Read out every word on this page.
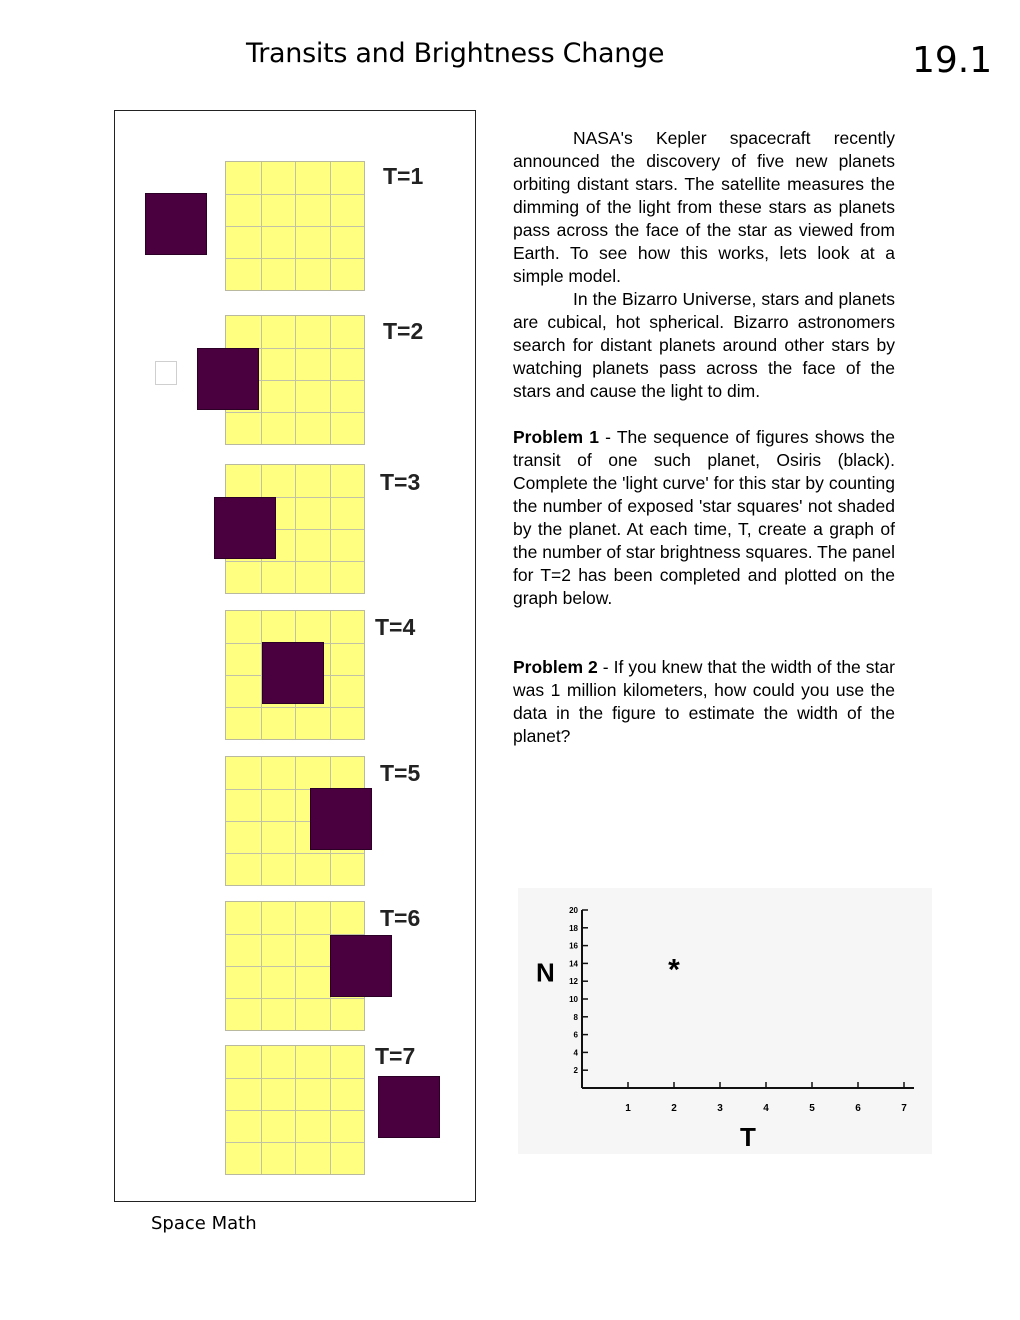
Transits and Brightness Change	19.1
T=1
T=2
T=3
T=4
T=5
T=6
T=7

NASA's Kepler spacecraft recently announced the discovery of five new planets orbiting distant stars. The satellite measures the dimming of the light from these stars as planets pass across the face of the star as viewed from Earth. To see how this works, lets look at a simple model.

In the Bizarro Universe, stars and planets are cubical, hot spherical. Bizarro astronomers search for distant planets around other stars by watching planets pass across the face of the stars and cause the light to dim.

Problem 1 - The sequence of figures shows the transit of one such planet, Osiris (black). Complete the 'light curve' for this star by counting the number of exposed 'star squares' not shaded by the planet. At each time, T, create a graph of the number of star brightness squares. The panel for T=2 has been completed and plotted on the graph below.

Problem 2 - If you knew that the width of the star was 1 million kilometers, how could you use the data in the figure to estimate the width of the planet?

2
4
6
8
10
12
14
16
18
20
1	2	3	4	5	6	7
N
T
*
Space Math
